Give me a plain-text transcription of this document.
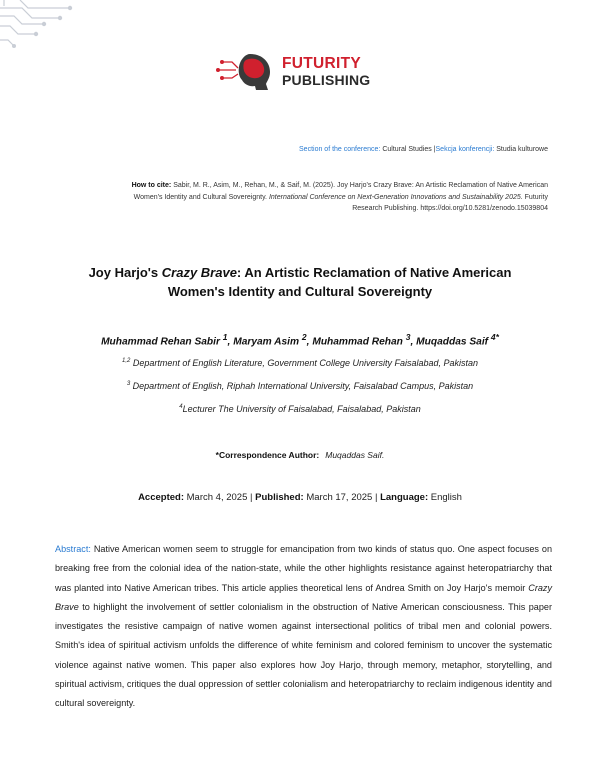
FUTURITY
PUBLISHING
Section of the conference: Cultural Studies |Sekcja konferencji: Studia kulturowe
How to cite: Sabir, M. R., Asim, M., Rehan, M., & Saif, M. (2025). Joy Harjo's Crazy Brave: An Artistic Reclamation of Native American
Women's Identity and Cultural Sovereignty. International Conference on Next-Generation Innovations and Sustainability 2025. Futurity
Research Publishing. https://doi.org/10.5281/zenodo.15039804
Joy Harjo's Crazy Brave: An Artistic Reclamation of Native American
Women's Identity and Cultural Sovereignty
Muhammad Rehan Sabir $^1$, Maryam Asim $^2$, Muhammad Rehan $^3$, Muqaddas Saif $^{4*}$
$^{1,2}$ Department of English Literature, Government College University Faisalabad, Pakistan
$^3$ Department of English, Riphah International University, Faisalabad Campus, Pakistan
$^4$Lecturer The University of Faisalabad, Faisalabad, Pakistan
*Correspondence Author: Muqaddas Saif.
Accepted: March 4, 2025 | Published: March 17, 2025 | Language: English
Abstract: Native American women seem to struggle for emancipation from two kinds of status quo. One aspect focuses on breaking free from the colonial idea of the nation-state, while the other highlights resistance against heteropatriarchy that was planted into Native American tribes. This article applies theoretical lens of Andrea Smith on Joy Harjo's memoir Crazy Brave to highlight the involvement of settler colonialism in the obstruction of Native American consciousness. This paper investigates the resistive campaign of native women against intersectional politics of tribal men and colonial powers. Smith's idea of spiritual activism unfolds the difference of white feminism and colored feminism to uncover the systematic violence against native women. This paper also explores how Joy Harjo, through memory, metaphor, storytelling, and spiritual activism, critiques the dual oppression of settler colonialism and heteropatriarchy to reclaim indigenous identity and cultural sovereignty.
